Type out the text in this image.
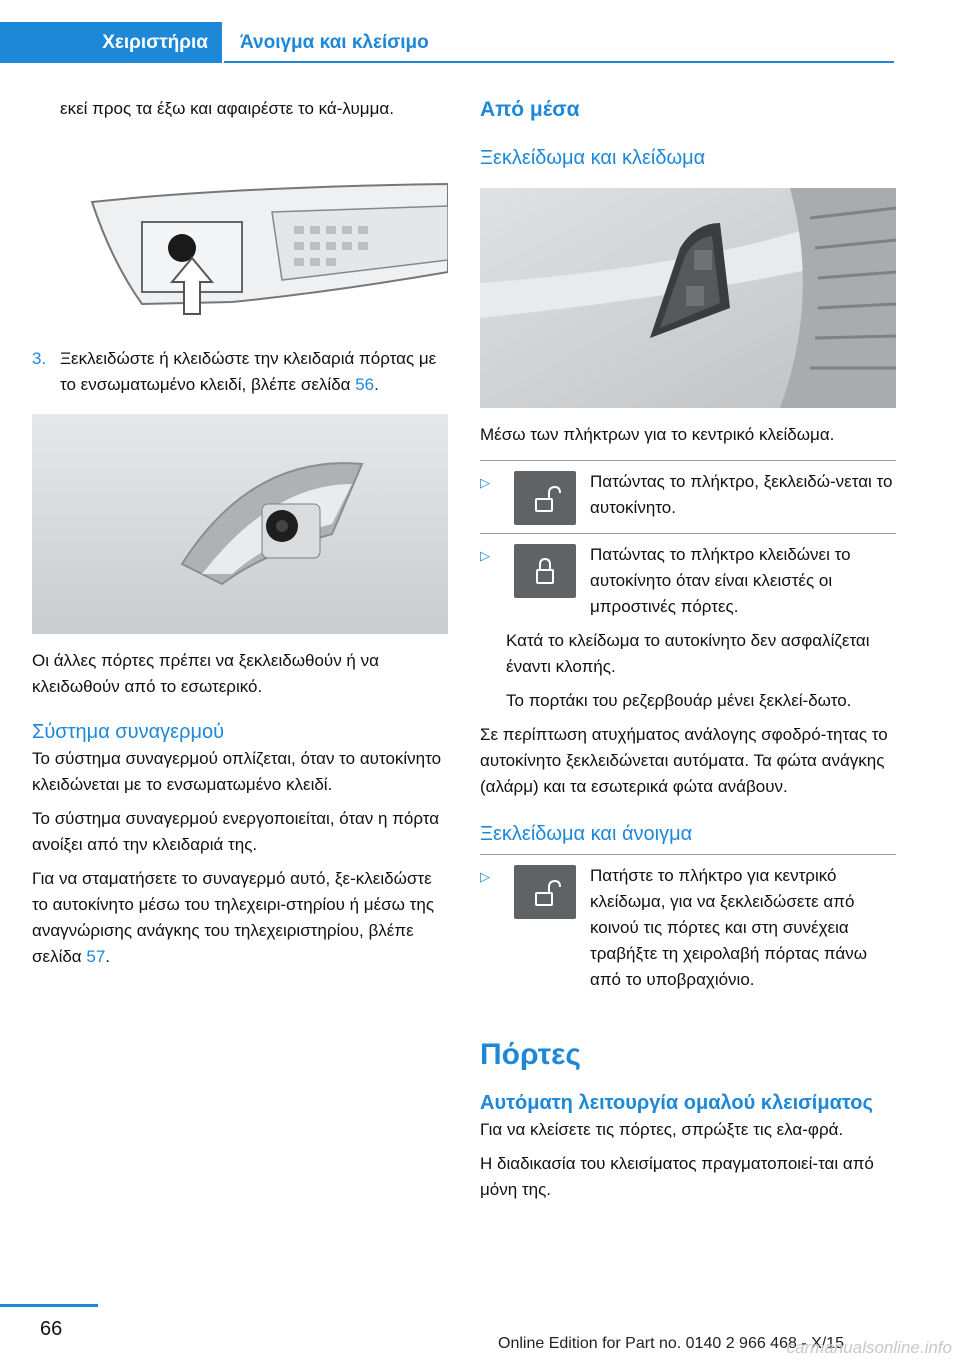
Χειριστήρια	Άνοιγμα και κλείσιμο

εκεί προς τα έξω και αφαιρέστε το κά-λυμμα.

3. Ξεκλειδώστε ή κλειδώστε την κλειδαριά πόρτας με το ενσωματωμένο κλειδί, βλέπε σελίδα 56.

Οι άλλες πόρτες πρέπει να ξεκλειδωθούν ή να κλειδωθούν από το εσωτερικό.

Σύστημα συναγερμού

Το σύστημα συναγερμού οπλίζεται, όταν το αυτοκίνητο κλειδώνεται με το ενσωματωμένο κλειδί.

Το σύστημα συναγερμού ενεργοποιείται, όταν η πόρτα ανοίξει από την κλειδαριά της.

Για να σταματήσετε το συναγερμό αυτό, ξε-κλειδώστε το αυτοκίνητο μέσω του τηλεχειρι-στηρίου ή μέσω της αναγνώρισης ανάγκης του τηλεχειριστηρίου, βλέπε σελίδα 57.

Από μέσα

Ξεκλείδωμα και κλείδωμα

Μέσω των πλήκτρων για το κεντρικό κλείδωμα.

▷	Πατώντας το πλήκτρο, ξεκλειδώ-νεται το αυτοκίνητο.

▷	Πατώντας το πλήκτρο κλειδώνει το αυτοκίνητο όταν είναι κλειστές οι μπροστινές πόρτες.

Κατά το κλείδωμα το αυτοκίνητο δεν ασφαλίζεται έναντι κλοπής.

Το πορτάκι του ρεζερβουάρ μένει ξεκλεί-δωτο.

Σε περίπτωση ατυχήματος ανάλογης σφοδρό-τητας το αυτοκίνητο ξεκλειδώνεται αυτόματα. Τα φώτα ανάγκης (αλάρμ) και τα εσωτερικά φώτα ανάβουν.

Ξεκλείδωμα και άνοιγμα

▷	Πατήστε το πλήκτρο για κεντρικό κλείδωμα, για να ξεκλειδώσετε από κοινού τις πόρτες και στη συνέχεια τραβήξτε τη χειρολαβή πόρτας πάνω από το υποβραχιόνιο.

Πόρτες

Αυτόματη λειτουργία ομαλού κλεισίματος

Για να κλείσετε τις πόρτες, σπρώξτε τις ελα-φρά.

Η διαδικασία του κλεισίματος πραγματοποιεί-ται από μόνη της.

66
Online Edition for Part no. 0140 2 966 468 - X/15
carmanualsonline.info
